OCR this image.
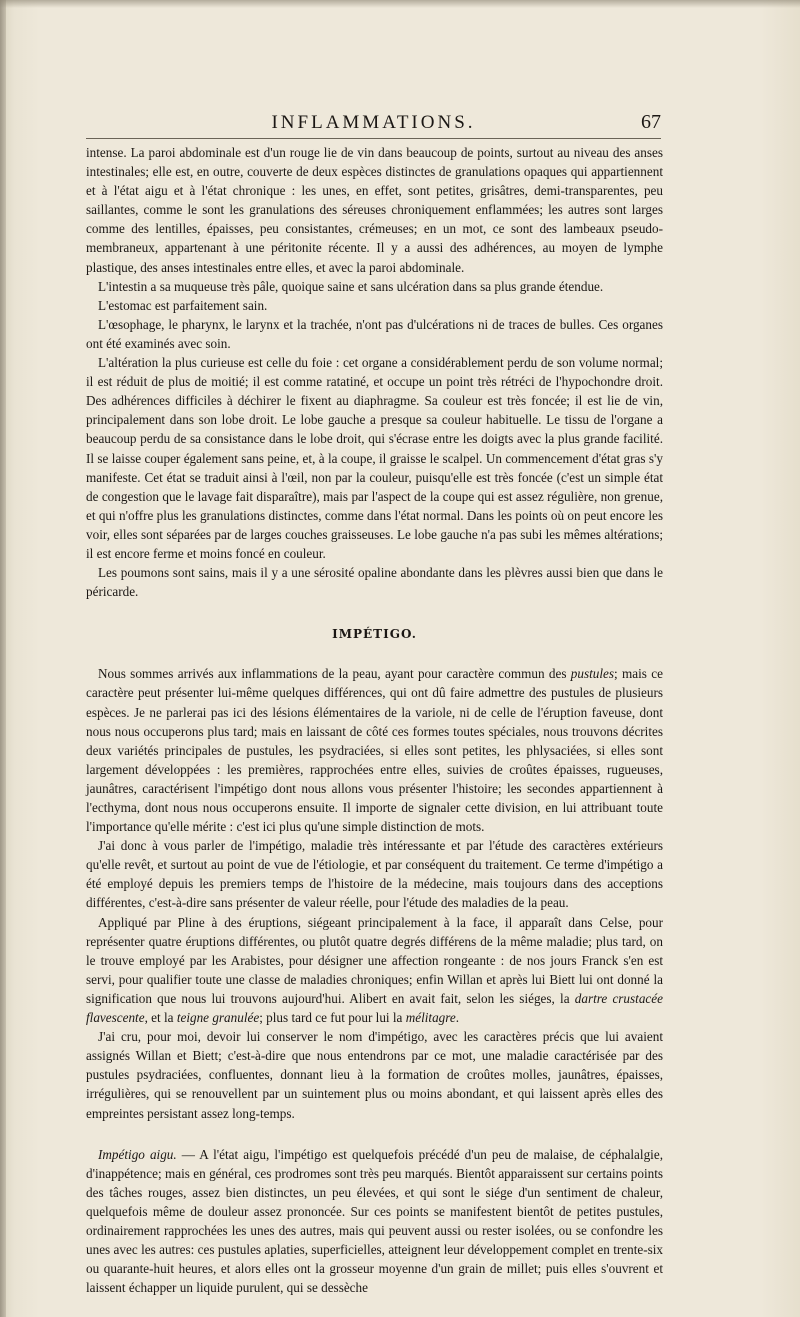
INFLAMMATIONS.	67

intense. La paroi abdominale est d'un rouge lie de vin dans beaucoup de points, surtout au niveau des anses intestinales; elle est, en outre, couverte de deux espèces distinctes de granulations opaques qui appartiennent et à l'état aigu et à l'état chronique : les unes, en effet, sont petites, grisâtres, demi-transparentes, peu saillantes, comme le sont les granulations des séreuses chroniquement enflammées; les autres sont larges comme des lentilles, épaisses, peu consistantes, crémeuses; en un mot, ce sont des lambeaux pseudo-membraneux, appartenant à une péritonite récente. Il y a aussi des adhérences, au moyen de lymphe plastique, des anses intestinales entre elles, et avec la paroi abdominale.

L'intestin a sa muqueuse très pâle, quoique saine et sans ulcération dans sa plus grande étendue.

L'estomac est parfaitement sain.

L'œsophage, le pharynx, le larynx et la trachée, n'ont pas d'ulcérations ni de traces de bulles. Ces organes ont été examinés avec soin.

L'altération la plus curieuse est celle du foie : cet organe a considérablement perdu de son volume normal; il est réduit de plus de moitié; il est comme ratatiné, et occupe un point très rétréci de l'hypochondre droit. Des adhérences difficiles à déchirer le fixent au diaphragme. Sa couleur est très foncée; il est lie de vin, principalement dans son lobe droit. Le lobe gauche a presque sa couleur habituelle. Le tissu de l'organe a beaucoup perdu de sa consistance dans le lobe droit, qui s'écrase entre les doigts avec la plus grande facilité. Il se laisse couper également sans peine, et, à la coupe, il graisse le scalpel. Un commencement d'état gras s'y manifeste. Cet état se traduit ainsi à l'œil, non par la couleur, puisqu'elle est très foncée (c'est un simple état de congestion que le lavage fait disparaître), mais par l'aspect de la coupe qui est assez régulière, non grenue, et qui n'offre plus les granulations distinctes, comme dans l'état normal. Dans les points où on peut encore les voir, elles sont séparées par de larges couches graisseuses. Le lobe gauche n'a pas subi les mêmes altérations; il est encore ferme et moins foncé en couleur.

Les poumons sont sains, mais il y a une sérosité opaline abondante dans les plèvres aussi bien que dans le péricarde.

IMPÉTIGO.

Nous sommes arrivés aux inflammations de la peau, ayant pour caractère commun des pustules; mais ce caractère peut présenter lui-même quelques différences, qui ont dû faire admettre des pustules de plusieurs espèces. Je ne parlerai pas ici des lésions élémentaires de la variole, ni de celle de l'éruption faveuse, dont nous nous occuperons plus tard; mais en laissant de côté ces formes toutes spéciales, nous trouvons décrites deux variétés principales de pustules, les psydraciées, si elles sont petites, les phlysaciées, si elles sont largement développées : les premières, rapprochées entre elles, suivies de croûtes épaisses, rugueuses, jaunâtres, caractérisent l'impétigo dont nous allons vous présenter l'histoire; les secondes appartiennent à l'ecthyma, dont nous nous occuperons ensuite. Il importe de signaler cette division, en lui attribuant toute l'importance qu'elle mérite : c'est ici plus qu'une simple distinction de mots.

J'ai donc à vous parler de l'impétigo, maladie très intéressante et par l'étude des caractères extérieurs qu'elle revêt, et surtout au point de vue de l'étiologie, et par conséquent du traitement. Ce terme d'impétigo a été employé depuis les premiers temps de l'histoire de la médecine, mais toujours dans des acceptions différentes, c'est-à-dire sans présenter de valeur réelle, pour l'étude des maladies de la peau.

Appliqué par Pline à des éruptions, siégeant principalement à la face, il apparaît dans Celse, pour représenter quatre éruptions différentes, ou plutôt quatre degrés différens de la même maladie; plus tard, on le trouve employé par les Arabistes, pour désigner une affection rongeante : de nos jours Franck s'en est servi, pour qualifier toute une classe de maladies chroniques; enfin Willan et après lui Biett lui ont donné la signification que nous lui trouvons aujourd'hui. Alibert en avait fait, selon les siéges, la dartre crustacée flavescente, et la teigne granulée; plus tard ce fut pour lui la mélitagre.

J'ai cru, pour moi, devoir lui conserver le nom d'impétigo, avec les caractères précis que lui avaient assignés Willan et Biett; c'est-à-dire que nous entendrons par ce mot, une maladie caractérisée par des pustules psydraciées, confluentes, donnant lieu à la formation de croûtes molles, jaunâtres, épaisses, irrégulières, qui se renouvellent par un suintement plus ou moins abondant, et qui laissent après elles des empreintes persistant assez long-temps.

Impétigo aigu. — A l'état aigu, l'impétigo est quelquefois précédé d'un peu de malaise, de céphalalgie, d'inappétence; mais en général, ces prodromes sont très peu marqués. Bientôt apparaissent sur certains points des tâches rouges, assez bien distinctes, un peu élevées, et qui sont le siége d'un sentiment de chaleur, quelquefois même de douleur assez prononcée. Sur ces points se manifestent bientôt de petites pustules, ordinairement rapprochées les unes des autres, mais qui peuvent aussi ou rester isolées, ou se confondre les unes avec les autres: ces pustules aplaties, superficielles, atteignent leur développement complet en trente-six ou quarante-huit heures, et alors elles ont la grosseur moyenne d'un grain de millet; puis elles s'ouvrent et laissent échapper un liquide purulent, qui se dessèche
